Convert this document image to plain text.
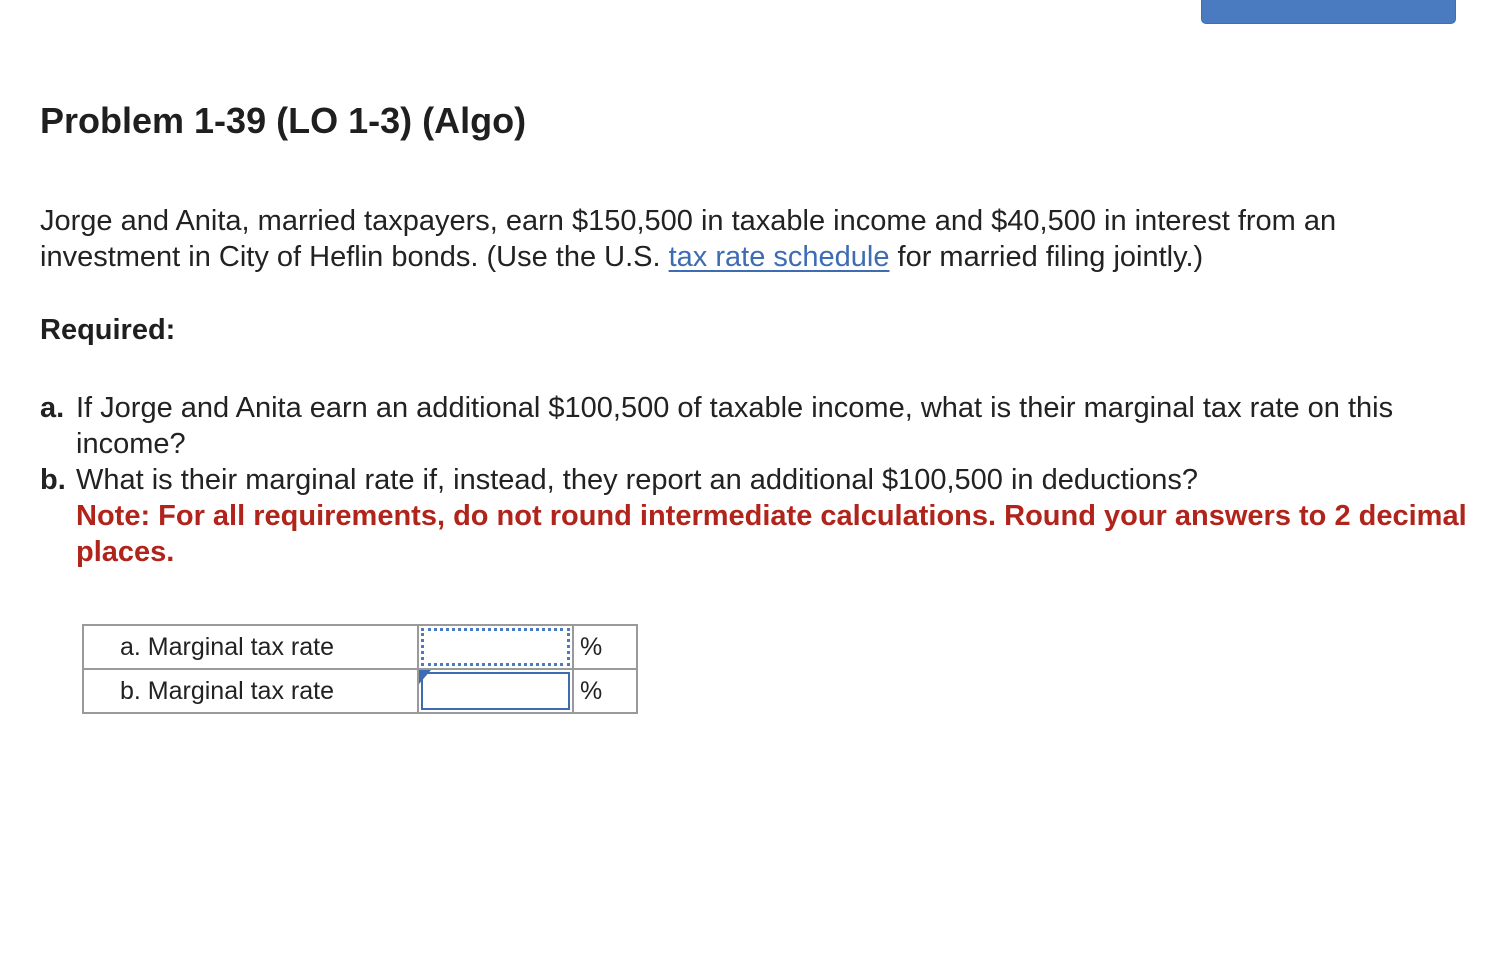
Problem 1-39 (LO 1-3) (Algo)

Jorge and Anita, married taxpayers, earn $150,500 in taxable income and $40,500 in interest from an investment in City of Heflin bonds. (Use the U.S. tax rate schedule for married filing jointly.)

Required:
a. If Jorge and Anita earn an additional $100,500 of taxable income, what is their marginal tax rate on this income?
b. What is their marginal rate if, instead, they report an additional $100,500 in deductions?
Note: For all requirements, do not round intermediate calculations. Round your answers to 2 decimal places.
a. Marginal tax rate		%
b. Marginal tax rate		%
